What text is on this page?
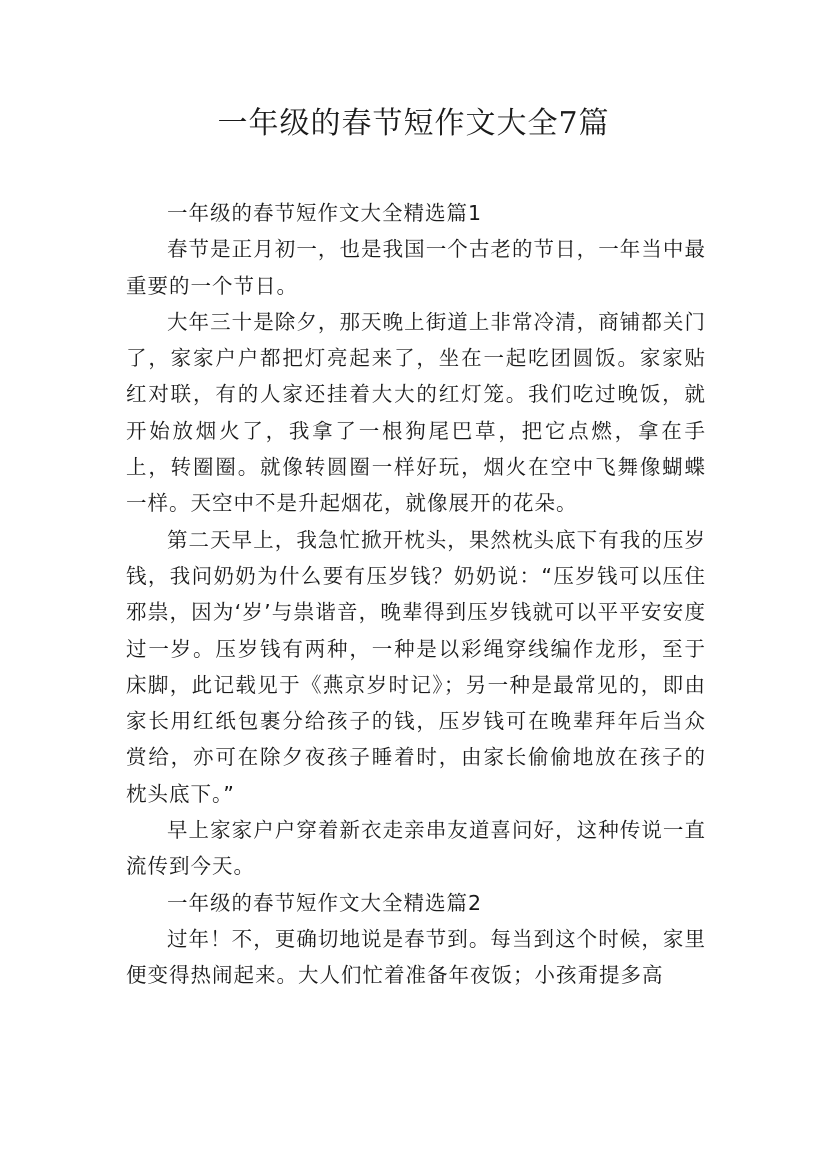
一年级的春节短作文大全7篇

一年级的春节短作文大全精选篇1

春节是正月初一，也是我国一个古老的节日，一年当中最重要的一个节日。

大年三十是除夕，那天晚上街道上非常冷清，商铺都关门了，家家户户都把灯亮起来了，坐在一起吃团圆饭。家家贴红对联，有的人家还挂着大大的红灯笼。我们吃过晚饭，就开始放烟火了，我拿了一根狗尾巴草，把它点燃，拿在手上，转圈圈。就像转圆圈一样好玩，烟火在空中飞舞像蝴蝶一样。天空中不是升起烟花，就像展开的花朵。

第二天早上，我急忙掀开枕头，果然枕头底下有我的压岁钱，我问奶奶为什么要有压岁钱？奶奶说：“压岁钱可以压住邪祟，因为‘岁’与祟谐音，晚辈得到压岁钱就可以平平安安度过一岁。压岁钱有两种，一种是以彩绳穿线编作龙形，至于床脚，此记载见于《燕京岁时记》；另一种是最常见的，即由家长用红纸包裹分给孩子的钱，压岁钱可在晚辈拜年后当众赏给，亦可在除夕夜孩子睡着时，由家长偷偷地放在孩子的枕头底下。”

早上家家户户穿着新衣走亲串友道喜问好，这种传说一直流传到今天。

一年级的春节短作文大全精选篇2

过年！不，更确切地说是春节到。每当到这个时候，家里便变得热闹起来。大人们忙着准备年夜饭；小孩甭提多高
